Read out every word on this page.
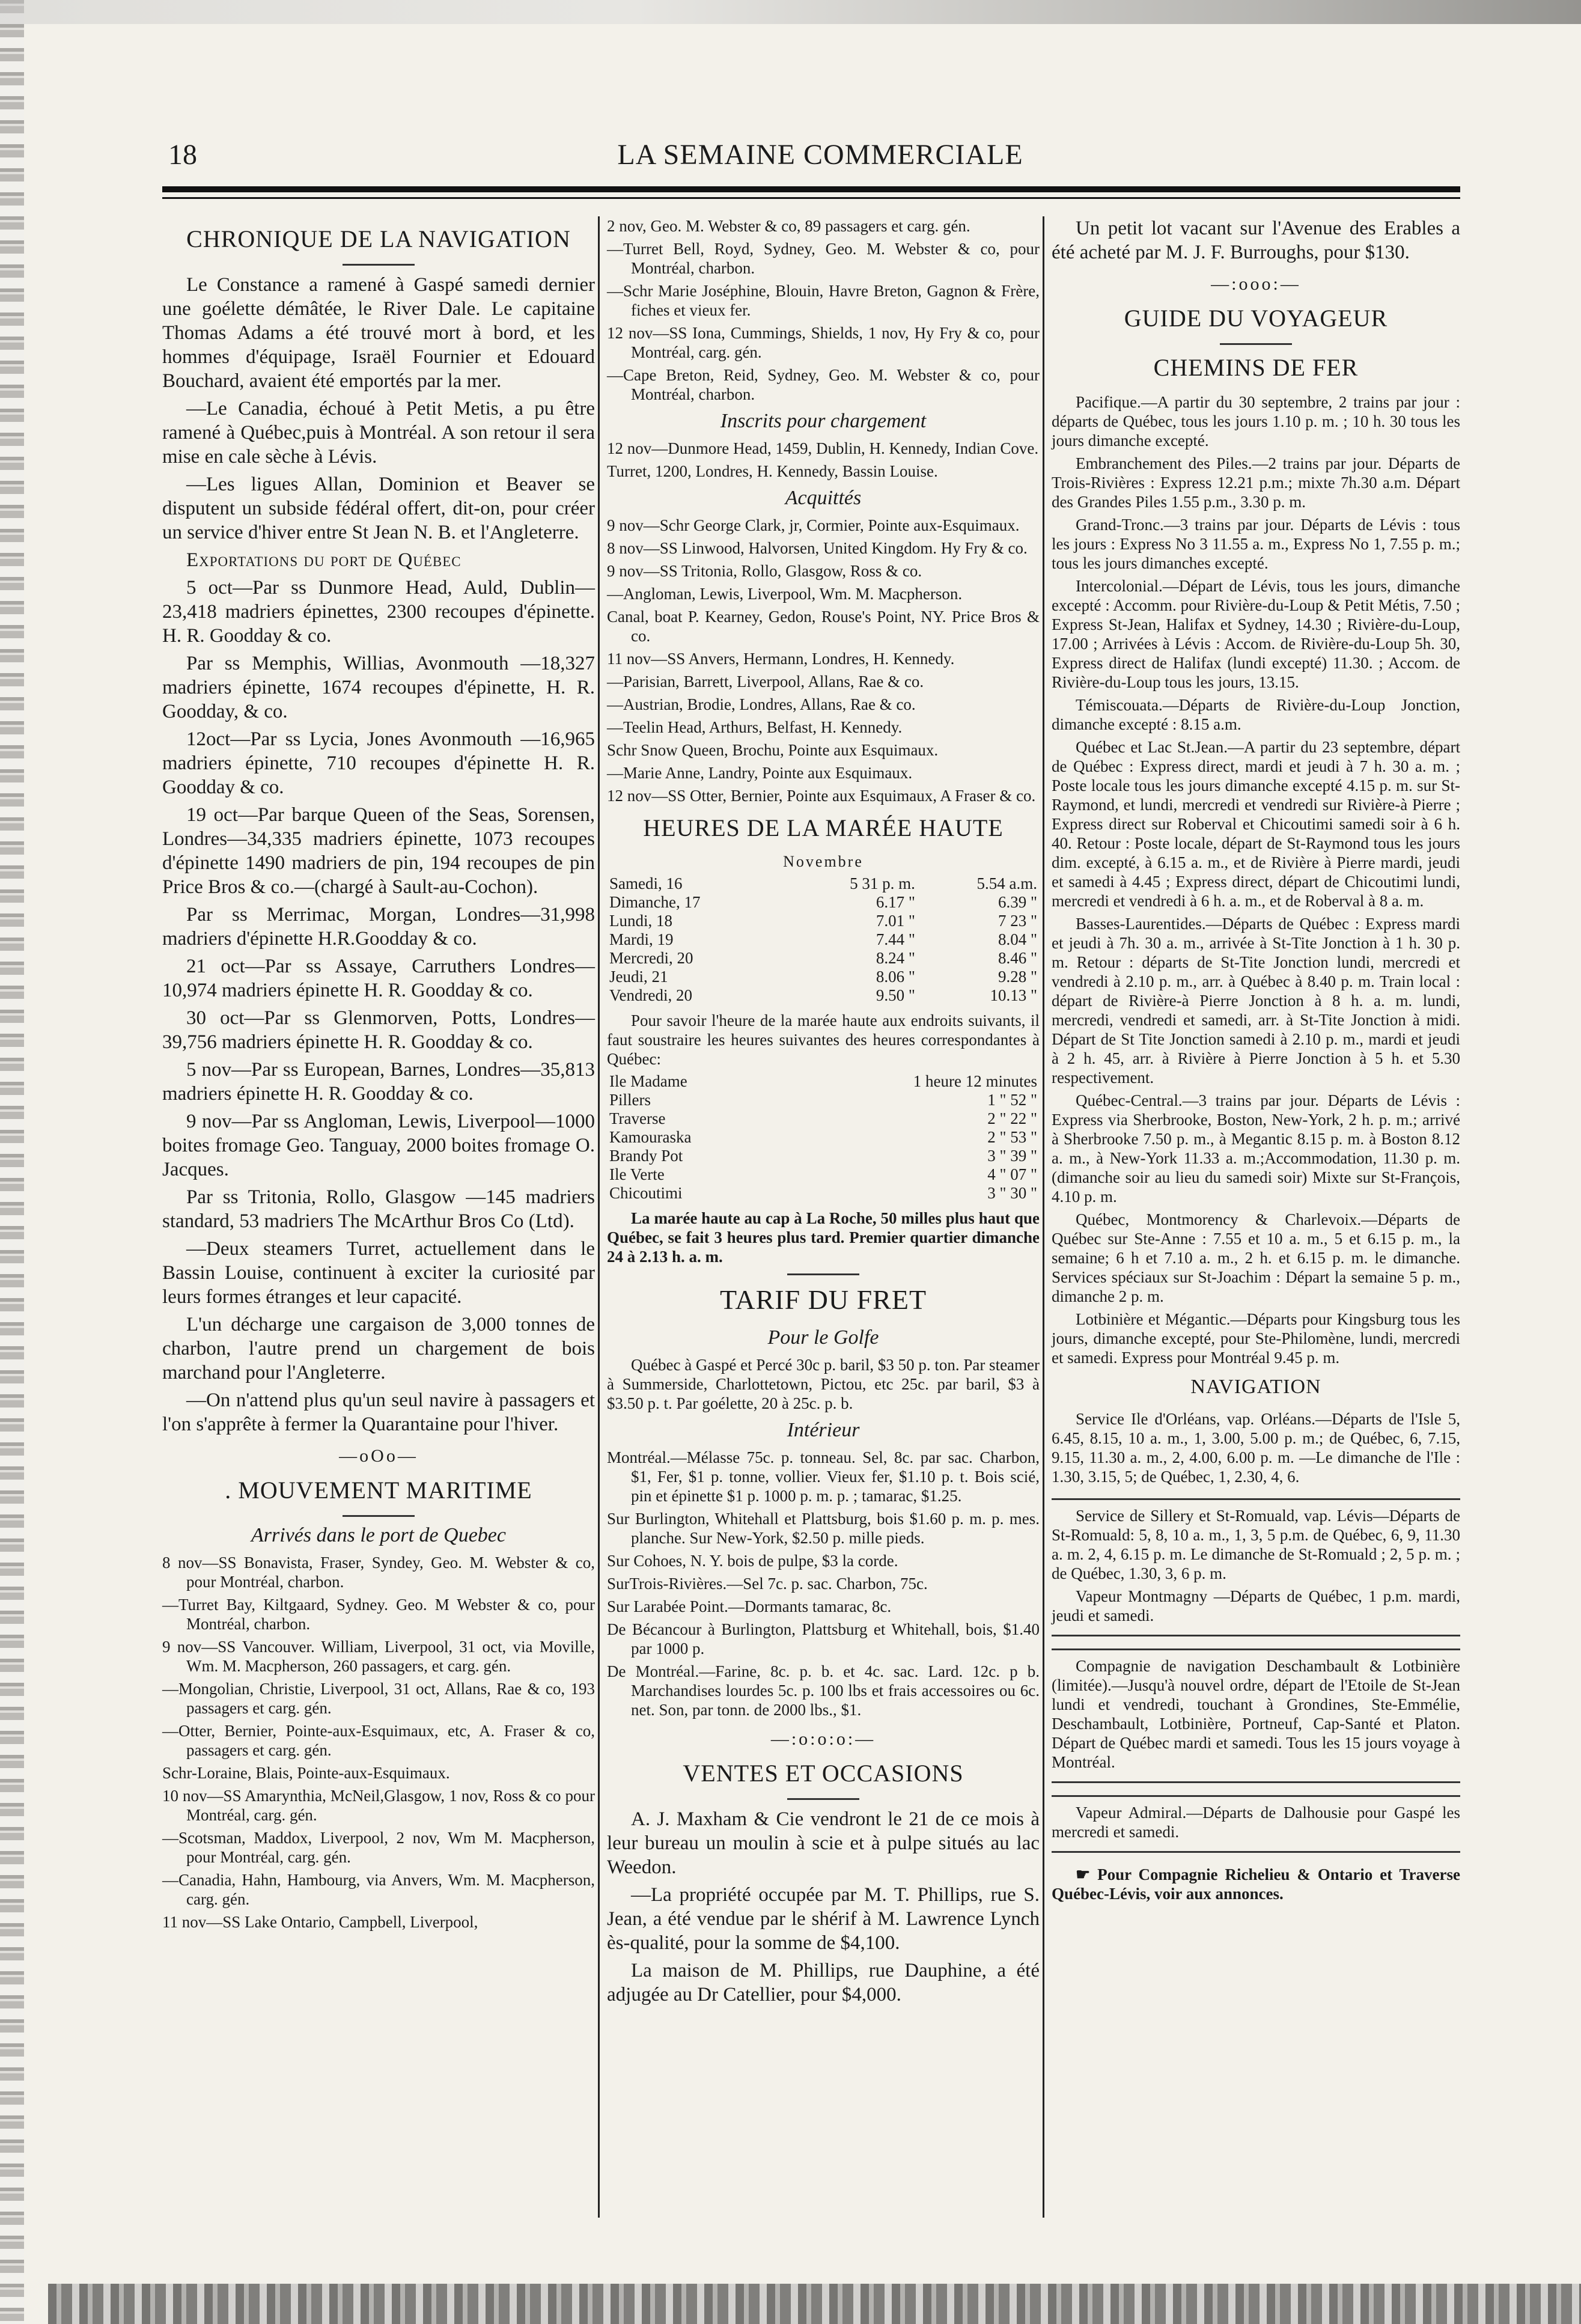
18	LA SEMAINE COMMERCIALE
CHRONIQUE DE LA NAVIGATION

Le Constance a ramené à Gaspé samedi dernier une goélette démâtée, le River Dale. Le capitaine Thomas Adams a été trouvé mort à bord, et les hommes d'équipage, Israël Fournier et Edouard Bouchard, avaient été emportés par la mer.

—Le Canadia, échoué à Petit Metis, a pu être ramené à Québec,puis à Montréal. A son retour il sera mise en cale sèche à Lévis.

—Les ligues Allan, Dominion et Beaver se disputent un subside fédéral offert, dit-on, pour créer un service d'hiver entre St Jean N. B. et l'Angleterre.

Exportations du port de Québec

5 oct—Par ss Dunmore Head, Auld, Dublin—23,418 madriers épinettes, 2300 recoupes d'épinette. H. R. Goodday & co.

Par ss Memphis, Willias, Avonmouth —18,327 madriers épinette, 1674 recoupes d'épinette, H. R. Goodday, & co.

12oct—Par ss Lycia, Jones Avonmouth —16,965 madriers épinette, 710 recoupes d'épinette H. R. Goodday & co.

19 oct—Par barque Queen of the Seas, Sorensen, Londres—34,335 madriers épinette, 1073 recoupes d'épinette 1490 madriers de pin, 194 recoupes de pin Price Bros & co.—(chargé à Sault-au-Cochon).

Par ss Merrimac, Morgan, Londres—31,998 madriers d'épinette H.R.Goodday & co.

21 oct—Par ss Assaye, Carruthers Londres—10,974 madriers épinette H. R. Goodday & co.

30 oct—Par ss Glenmorven, Potts, Londres—39,756 madriers épinette H. R. Goodday & co.

5 nov—Par ss European, Barnes, Londres—35,813 madriers épinette H. R. Goodday & co.

9 nov—Par ss Angloman, Lewis, Liverpool—1000 boites fromage Geo. Tanguay, 2000 boites fromage O. Jacques.

Par ss Tritonia, Rollo, Glasgow —145 madriers standard, 53 madriers The McArthur Bros Co (Ltd).

—Deux steamers Turret, actuellement dans le Bassin Louise, continuent à exciter la curiosité par leurs formes étranges et leur capacité.

L'un décharge une cargaison de 3,000 tonnes de charbon, l'autre prend un chargement de bois marchand pour l'Angleterre.

—On n'attend plus qu'un seul navire à passagers et l'on s'apprête à fermer la Quarantaine pour l'hiver.

—oOo—
. MOUVEMENT MARITIME
Arrivés dans le port de Quebec

8 nov—SS Bonavista, Fraser, Syndey, Geo. M. Webster & co, pour Montréal, charbon.

—Turret Bay, Kiltgaard, Sydney. Geo. M Webster & co, pour Montréal, charbon.

9 nov—SS Vancouver. William, Liverpool, 31 oct, via Moville, Wm. M. Macpherson, 260 passagers, et carg. gén.

—Mongolian, Christie, Liverpool, 31 oct, Allans, Rae & co, 193 passagers et carg. gén.

—Otter, Bernier, Pointe-aux-Esquimaux, etc, A. Fraser & co, passagers et carg. gén.

Schr-Loraine, Blais, Pointe-aux-Esquimaux.

10 nov—SS Amarynthia, McNeil,Glasgow, 1 nov, Ross & co pour Montréal, carg. gén.

—Scotsman, Maddox, Liverpool, 2 nov, Wm M. Macpherson, pour Montréal, carg. gén.

—Canadia, Hahn, Hambourg, via Anvers, Wm. M. Macpherson, carg. gén.

11 nov—SS Lake Ontario, Campbell, Liverpool,

2 nov, Geo. M. Webster & co, 89 passagers et carg. gén.

—Turret Bell, Royd, Sydney, Geo. M. Webster & co, pour Montréal, charbon.

—Schr Marie Joséphine, Blouin, Havre Breton, Gagnon & Frère, fiches et vieux fer.

12 nov—SS Iona, Cummings, Shields, 1 nov, Hy Fry & co, pour Montréal, carg. gén.

—Cape Breton, Reid, Sydney, Geo. M. Webster & co, pour Montréal, charbon.

Inscrits pour chargement

12 nov—Dunmore Head, 1459, Dublin, H. Kennedy, Indian Cove.

Turret, 1200, Londres, H. Kennedy, Bassin Louise.

Acquittés

9 nov—Schr George Clark, jr, Cormier, Pointe aux-Esquimaux.

8 nov—SS Linwood, Halvorsen, United Kingdom. Hy Fry & co.

9 nov—SS Tritonia, Rollo, Glasgow, Ross & co.

—Angloman, Lewis, Liverpool, Wm. M. Macpherson.

Canal, boat P. Kearney, Gedon, Rouse's Point, NY. Price Bros & co.

11 nov—SS Anvers, Hermann, Londres, H. Kennedy.

—Parisian, Barrett, Liverpool, Allans, Rae & co.

—Austrian, Brodie, Londres, Allans, Rae & co.

—Teelin Head, Arthurs, Belfast, H. Kennedy.

Schr Snow Queen, Brochu, Pointe aux Esquimaux.

—Marie Anne, Landry, Pointe aux Esquimaux.

12 nov—SS Otter, Bernier, Pointe aux Esquimaux, A Fraser & co.

HEURES DE LA MARÉE HAUTE
Novembre
Samedi, 16	5 31 p. m.	5.54 a.m.
Dimanche, 17	6.17 "	6.39 "
Lundi, 18	7.01 "	7 23 "
Mardi, 19	7.44 "	8.04 "
Mercredi, 20	8.24 "	8.46 "
Jeudi, 21	8.06 "	9.28 "
Vendredi, 20	9.50 "	10.13 "

Pour savoir l'heure de la marée haute aux endroits suivants, il faut soustraire les heures suivantes des heures correspondantes à Québec:

Ile Madame	1 heure 12 minutes
Pillers	1 " 52 "
Traverse	2 " 22 "
Kamouraska	2 " 53 "
Brandy Pot	3 " 39 "
Ile Verte	4 " 07 "
Chicoutimi	3 " 30 "

La marée haute au cap à La Roche, 50 milles plus haut que Québec, se fait 3 heures plus tard. Premier quartier dimanche 24 à 2.13 h. a. m.

TARIF DU FRET
Pour le Golfe

Québec à Gaspé et Percé 30c p. baril, $3 50 p. ton. Par steamer à Summerside, Charlottetown, Pictou, etc 25c. par baril, $3 à $3.50 p. t. Par goélette, 20 à 25c. p. b.

Intérieur

Montréal.—Mélasse 75c. p. tonneau. Sel, 8c. par sac. Charbon, $1, Fer, $1 p. tonne, vollier. Vieux fer, $1.10 p. t. Bois scié, pin et épinette $1 p. 1000 p. m. p. ; tamarac, $1.25.

Sur Burlington, Whitehall et Plattsburg, bois $1.60 p. m. p. mes. planche. Sur New-York, $2.50 p. mille pieds.

Sur Cohoes, N. Y. bois de pulpe, $3 la corde.

SurTrois-Rivières.—Sel 7c. p. sac. Charbon, 75c.

Sur Larabée Point.—Dormants tamarac, 8c.

De Bécancour à Burlington, Plattsburg et Whitehall, bois, $1.40 par 1000 p.

De Montréal.—Farine, 8c. p. b. et 4c. sac. Lard. 12c. p b. Marchandises lourdes 5c. p. 100 lbs et frais accessoires ou 6c. net. Son, par tonn. de 2000 lbs., $1.

—:o:o:o:—
VENTES ET OCCASIONS

A. J. Maxham & Cie vendront le 21 de ce mois à leur bureau un moulin à scie et à pulpe situés au lac Weedon.

—La propriété occupée par M. T. Phillips, rue S. Jean, a été vendue par le shérif à M. Lawrence Lynch ès-qualité, pour la somme de $4,100.

La maison de M. Phillips, rue Dauphine, a été adjugée au Dr Catellier, pour $4,000.

Un petit lot vacant sur l'Avenue des Erables a été acheté par M. J. F. Burroughs, pour $130.

—:ooo:—
GUIDE DU VOYAGEUR
CHEMINS DE FER

Pacifique.—A partir du 30 septembre, 2 trains par jour : départs de Québec, tous les jours 1.10 p. m. ; 10 h. 30 tous les jours dimanche excepté.

Embranchement des Piles.—2 trains par jour. Départs de Trois-Rivières : Express 12.21 p.m.; mixte 7h.30 a.m. Départ des Grandes Piles 1.55 p.m., 3.30 p. m.

Grand-Tronc.—3 trains par jour. Départs de Lévis : tous les jours : Express No 3 11.55 a. m., Express No 1, 7.55 p. m.; tous les jours dimanches excepté.

Intercolonial.—Départ de Lévis, tous les jours, dimanche excepté : Accomm. pour Rivière-du-Loup & Petit Métis, 7.50 ; Express St-Jean, Halifax et Sydney, 14.30 ; Rivière-du-Loup, 17.00 ; Arrivées à Lévis : Accom. de Rivière-du-Loup 5h. 30, Express direct de Halifax (lundi excepté) 11.30. ; Accom. de Rivière-du-Loup tous les jours, 13.15.

Témiscouata.—Départs de Rivière-du-Loup Jonction, dimanche excepté : 8.15 a.m.

Québec et Lac St.Jean.—A partir du 23 septembre, départ de Québec : Express direct, mardi et jeudi à 7 h. 30 a. m. ; Poste locale tous les jours dimanche excepté 4.15 p. m. sur St-Raymond, et lundi, mercredi et vendredi sur Rivière-à Pierre ; Express direct sur Roberval et Chicoutimi samedi soir à 6 h. 40. Retour : Poste locale, départ de St-Raymond tous les jours dim. excepté, à 6.15 a. m., et de Rivière à Pierre mardi, jeudi et samedi à 4.45 ; Express direct, départ de Chicoutimi lundi, mercredi et vendredi à 6 h. a. m., et de Roberval à 8 a. m.

Basses-Laurentides.—Départs de Québec : Express mardi et jeudi à 7h. 30 a. m., arrivée à St-Tite Jonction à 1 h. 30 p. m. Retour : départs de St-Tite Jonction lundi, mercredi et vendredi à 2.10 p. m., arr. à Québec à 8.40 p. m. Train local : départ de Rivière-à Pierre Jonction à 8 h. a. m. lundi, mercredi, vendredi et samedi, arr. à St-Tite Jonction à midi. Départ de St Tite Jonction samedi à 2.10 p. m., mardi et jeudi à 2 h. 45, arr. à Rivière à Pierre Jonction à 5 h. et 5.30 respectivement.

Québec-Central.—3 trains par jour. Départs de Lévis : Express via Sherbrooke, Boston, New-York, 2 h. p. m.; arrivé à Sherbrooke 7.50 p. m., à Megantic 8.15 p. m. à Boston 8.12 a. m., à New-York 11.33 a. m.;Accommodation, 11.30 p. m. (dimanche soir au lieu du samedi soir) Mixte sur St-François, 4.10 p. m.

Québec, Montmorency & Charlevoix.—Départs de Québec sur Ste-Anne : 7.55 et 10 a. m., 5 et 6.15 p. m., la semaine; 6 h et 7.10 a. m., 2 h. et 6.15 p. m. le dimanche. Services spéciaux sur St-Joachim : Départ la semaine 5 p. m., dimanche 2 p. m.

Lotbinière et Mégantic.—Départs pour Kingsburg tous les jours, dimanche excepté, pour Ste-Philomène, lundi, mercredi et samedi. Express pour Montréal 9.45 p. m.

NAVIGATION

Service Ile d'Orléans, vap. Orléans.—Départs de l'Isle 5, 6.45, 8.15, 10 a. m., 1, 3.00, 5.00 p. m.; de Québec, 6, 7.15, 9.15, 11.30 a. m., 2, 4.00, 6.00 p. m. —Le dimanche de l'Ile : 1.30, 3.15, 5; de Québec, 1, 2.30, 4, 6.

Service de Sillery et St-Romuald, vap. Lévis—Départs de St-Romuald: 5, 8, 10 a. m., 1, 3, 5 p.m. de Québec, 6, 9, 11.30 a. m. 2, 4, 6.15 p. m. Le dimanche de St-Romuald ; 2, 5 p. m. ; de Québec, 1.30, 3, 6 p. m.

Vapeur Montmagny —Départs de Québec, 1 p.m. mardi, jeudi et samedi.

Compagnie de navigation Deschambault & Lotbinière (limitée).—Jusqu'à nouvel ordre, départ de l'Etoile de St-Jean lundi et vendredi, touchant à Grondines, Ste-Emmélie, Deschambault, Lotbinière, Portneuf, Cap-Santé et Platon. Départ de Québec mardi et samedi. Tous les 15 jours voyage à Montréal.

Vapeur Admiral.—Départs de Dalhousie pour Gaspé les mercredi et samedi.

☛ Pour Compagnie Richelieu & Ontario et Traverse Québec-Lévis, voir aux annonces.
